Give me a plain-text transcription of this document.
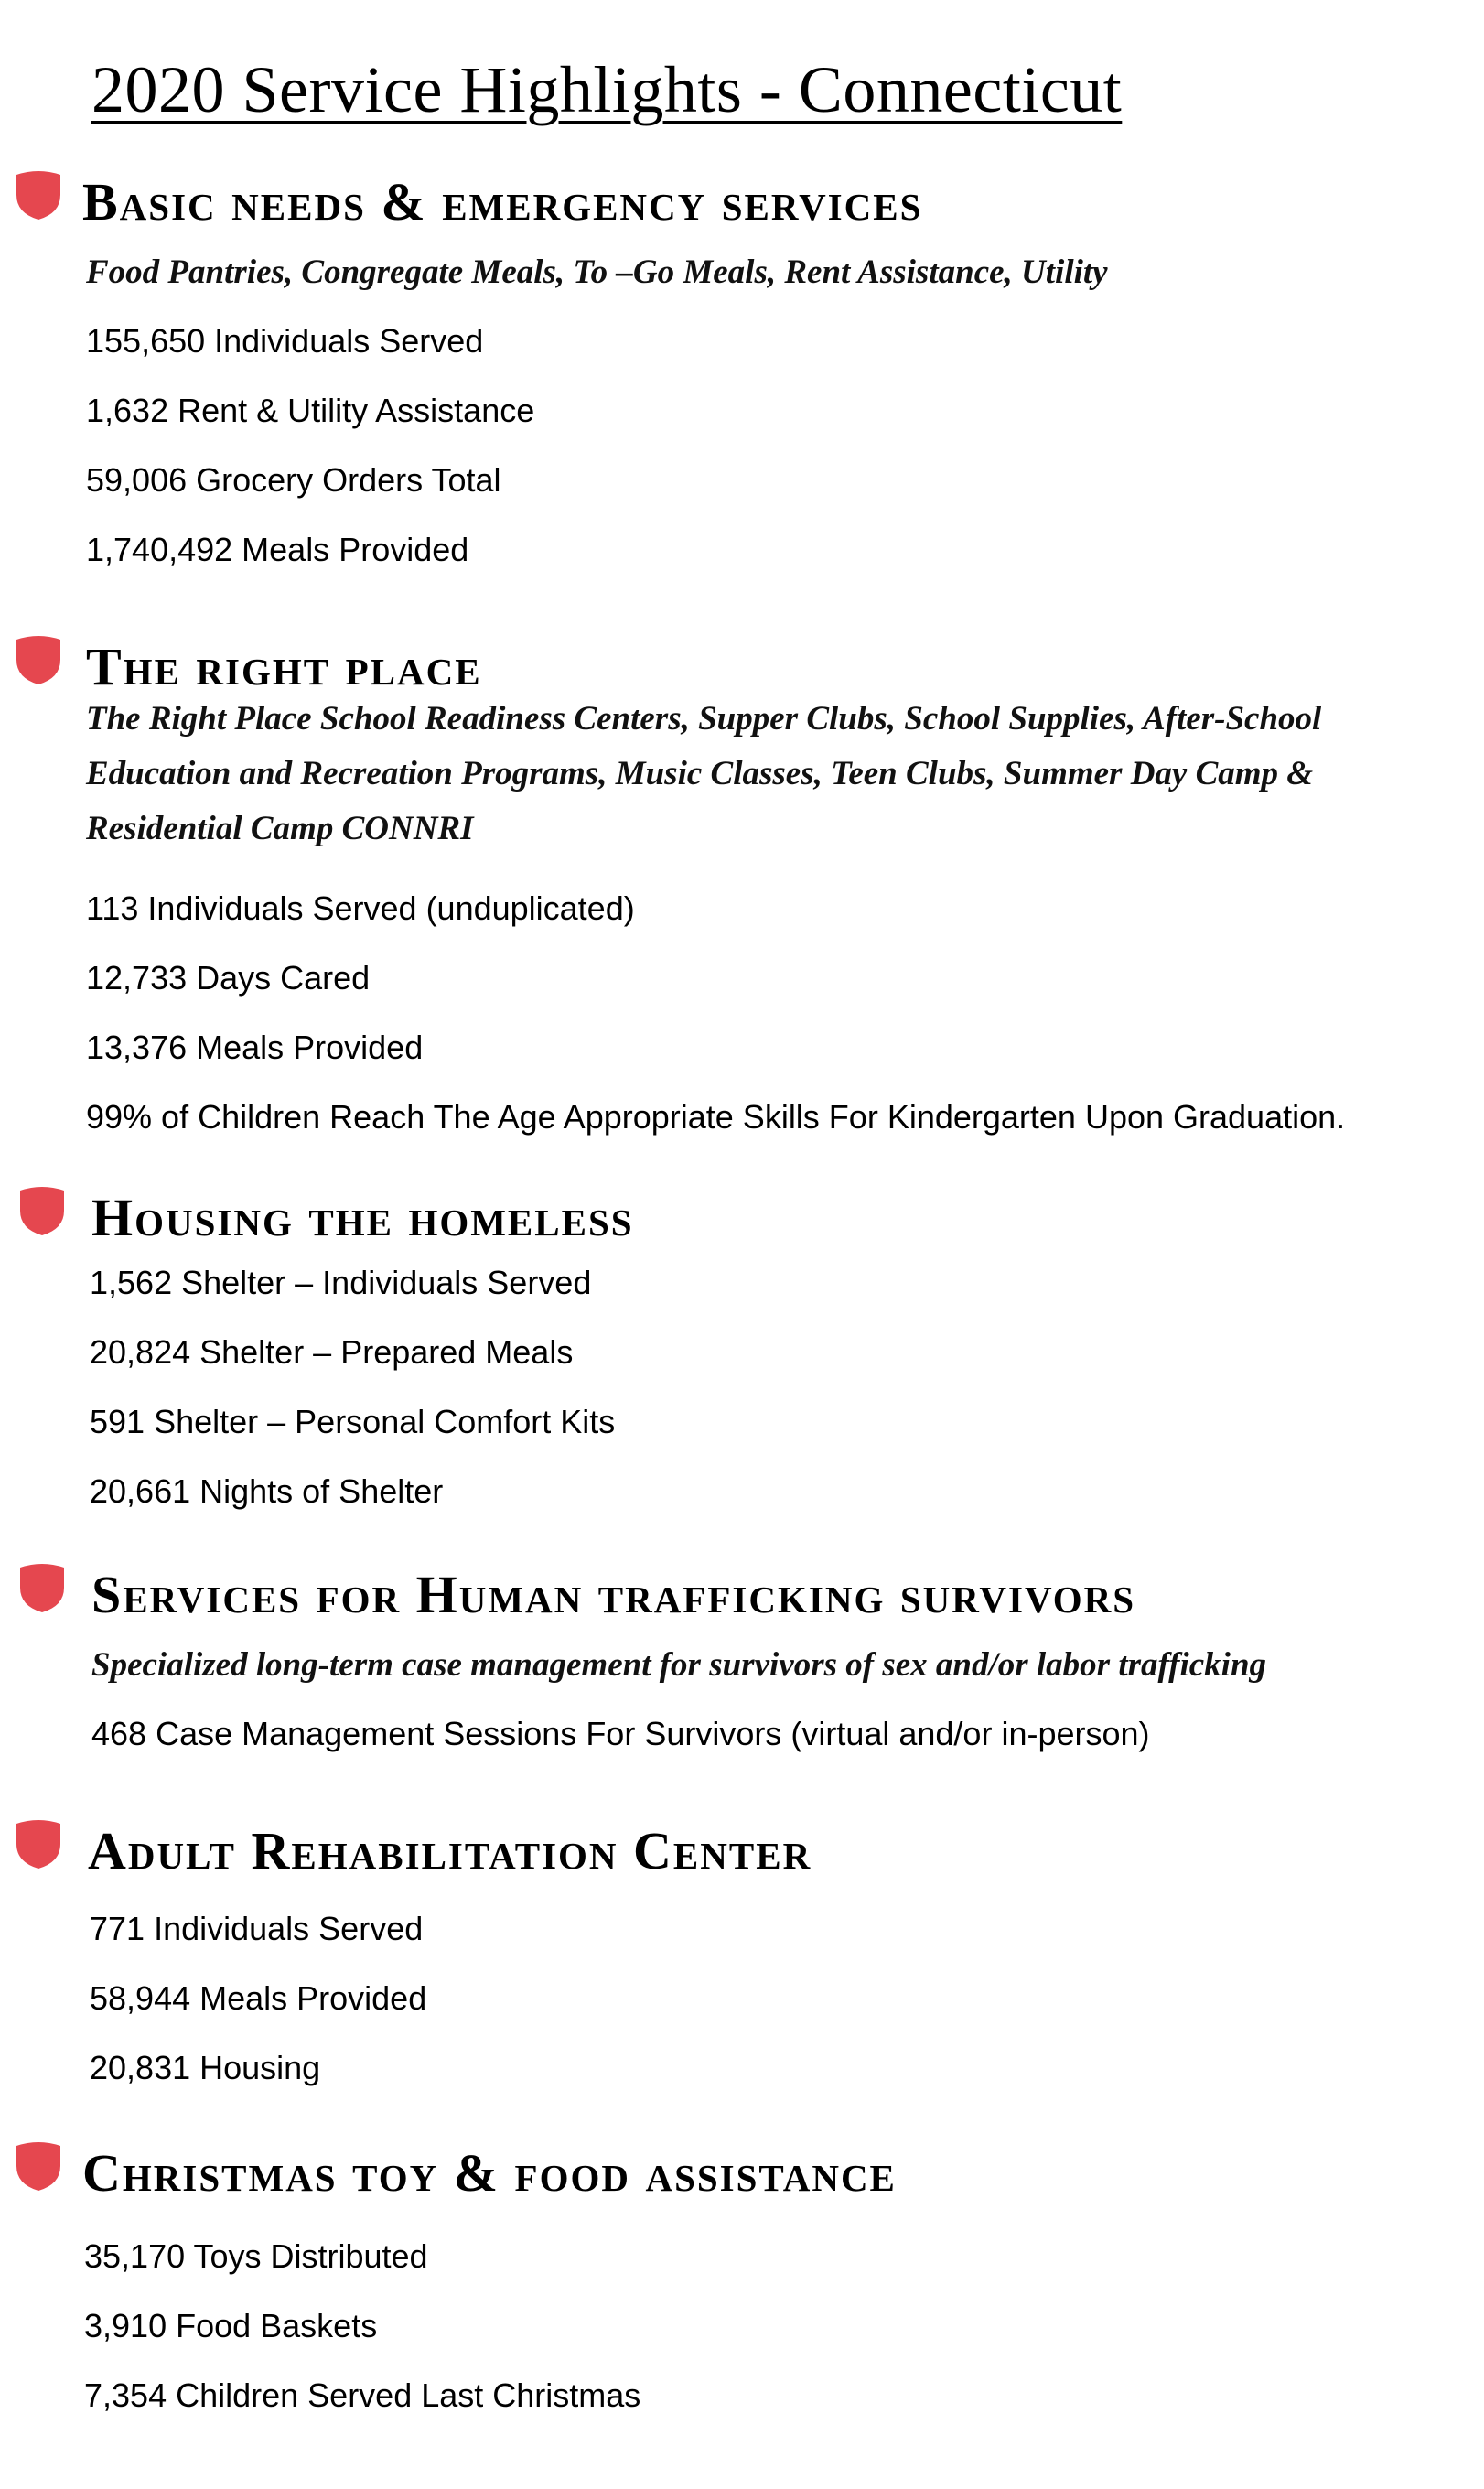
2020 Service Highlights - Connecticut
Basic needs & emergency services
Food Pantries, Congregate Meals, To –Go Meals, Rent Assistance, Utility
155,650 Individuals Served
1,632 Rent & Utility Assistance
59,006 Grocery Orders Total
1,740,492 Meals Provided
The right place
The Right Place School Readiness Centers, Supper Clubs, School Supplies, After-School Education and Recreation Programs, Music Classes, Teen Clubs, Summer Day Camp & Residential Camp CONNRI
113 Individuals Served (unduplicated)
12,733 Days Cared
13,376 Meals Provided
99% of Children Reach The Age Appropriate Skills For Kindergarten Upon Graduation.
Housing the homeless
1,562 Shelter – Individuals Served
20,824 Shelter – Prepared Meals
591 Shelter – Personal Comfort Kits
20,661 Nights of Shelter
Services for Human trafficking survivors
Specialized long-term case management for survivors of sex and/or labor trafficking
468 Case Management Sessions For Survivors (virtual and/or in-person)
Adult Rehabilitation Center
771 Individuals Served
58,944 Meals Provided
20,831 Housing
Christmas toy & food assistance
35,170 Toys Distributed
3,910 Food Baskets
7,354 Children Served Last Christmas
